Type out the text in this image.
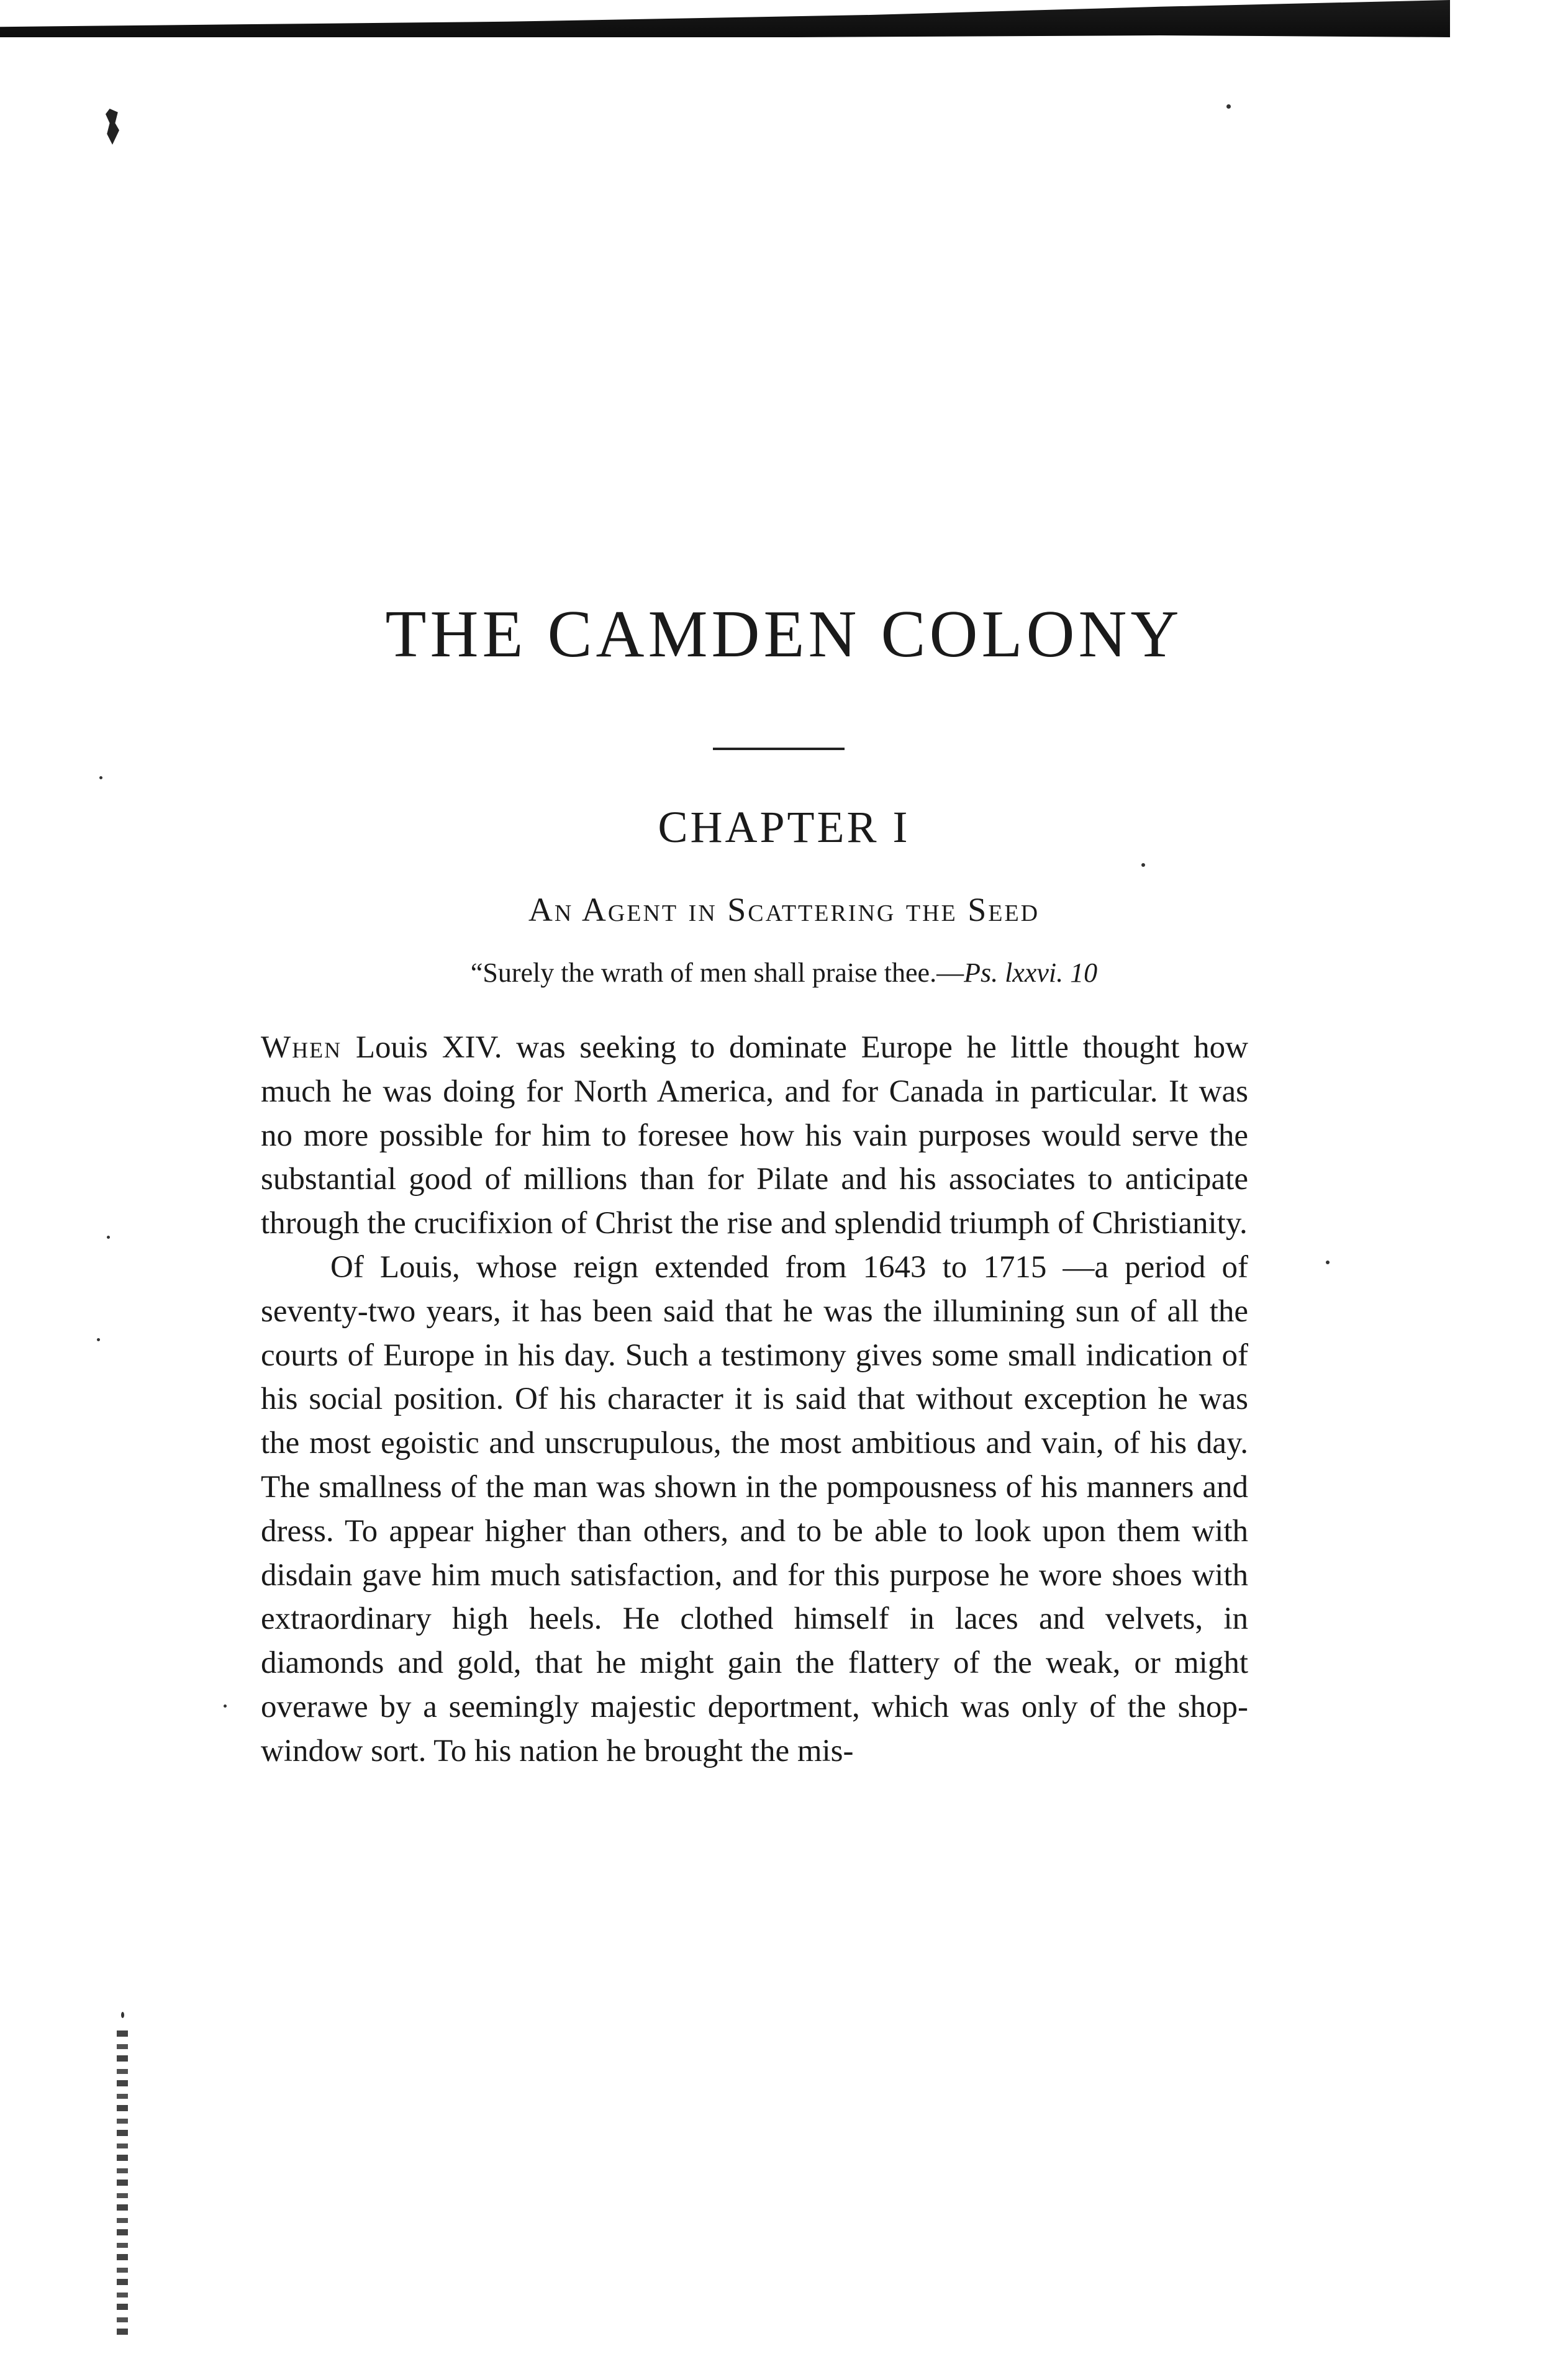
THE CAMDEN COLONY
CHAPTER I
An Agent in Scattering the Seed
“Surely the wrath of men shall praise thee.—Ps. lxxvi. 10

When Louis XIV. was seeking to dominate Europe he little thought how much he was doing for North America, and for Canada in particular. It was no more possible for him to foresee how his vain purposes would serve the substantial good of millions than for Pilate and his associates to anticipate through the crucifixion of Christ the rise and splendid triumph of Christianity.

Of Louis, whose reign extended from 1643 to 1715 —a period of seventy-two years, it has been said that he was the illumining sun of all the courts of Europe in his day. Such a testimony gives some small indication of his social position. Of his character it is said that without exception he was the most egoistic and unscrupulous, the most ambitious and vain, of his day. The smallness of the man was shown in the pompousness of his manners and dress. To appear higher than others, and to be able to look upon them with disdain gave him much satisfaction, and for this purpose he wore shoes with extraordinary high heels. He clothed himself in laces and velvets, in diamonds and gold, that he might gain the flattery of the weak, or might overawe by a seemingly majestic deportment, which was only of the shop-window sort. To his nation he brought the mis-
